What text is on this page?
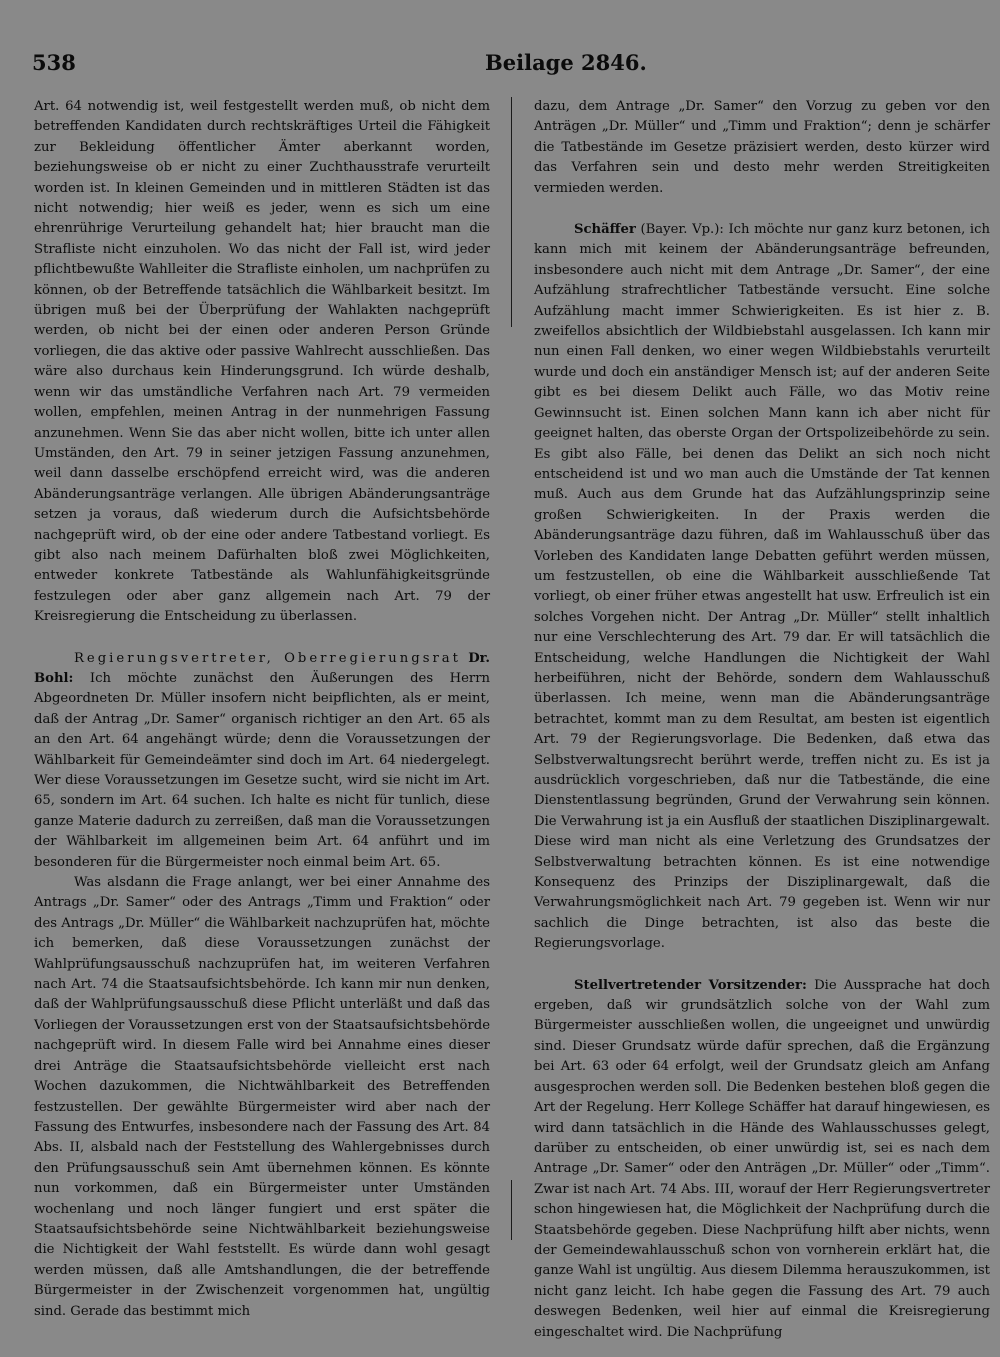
538	Beilage 2846.

Art. 64 notwendig ist, weil festgestellt werden muß, ob nicht dem betreffenden Kandidaten durch rechtskräftiges Urteil die Fähigkeit zur Bekleidung öffentlicher Ämter aberkannt worden, beziehungsweise ob er nicht zu einer Zuchthausstrafe verurteilt worden ist. In kleinen Gemeinden und in mittleren Städten ist das nicht notwendig; hier weiß es jeder, wenn es sich um eine ehrenrührige Verurteilung gehandelt hat; hier braucht man die Strafliste nicht einzuholen. Wo das nicht der Fall ist, wird jeder pflichtbewußte Wahlleiter die Strafliste einholen, um nachprüfen zu können, ob der Betreffende tatsächlich die Wählbarkeit besitzt. Im übrigen muß bei der Überprüfung der Wahlakten nachgeprüft werden, ob nicht bei der einen oder anderen Person Gründe vorliegen, die das aktive oder passive Wahlrecht ausschließen. Das wäre also durchaus kein Hinderungsgrund. Ich würde deshalb, wenn wir das umständliche Verfahren nach Art. 79 vermeiden wollen, empfehlen, meinen Antrag in der nunmehrigen Fassung anzunehmen. Wenn Sie das aber nicht wollen, bitte ich unter allen Umständen, den Art. 79 in seiner jetzigen Fassung anzunehmen, weil dann dasselbe erschöpfend erreicht wird, was die anderen Abänderungsanträge verlangen. Alle übrigen Abänderungsanträge setzen ja voraus, daß wiederum durch die Aufsichtsbehörde nachgeprüft wird, ob der eine oder andere Tatbestand vorliegt. Es gibt also nach meinem Dafürhalten bloß zwei Möglichkeiten, entweder konkrete Tatbestände als Wahlunfähigkeitsgründe festzulegen oder aber ganz allgemein nach Art. 79 der Kreisregierung die Entscheidung zu überlassen.

Regierungsvertreter, Oberregierungsrat Dr. Bohl: Ich möchte zunächst den Äußerungen des Herrn Abgeordneten Dr. Müller insofern nicht beipflichten, als er meint, daß der Antrag „Dr. Samer“ organisch richtiger an den Art. 65 als an den Art. 64 angehängt würde; denn die Voraussetzungen der Wählbarkeit für Gemeindeämter sind doch im Art. 64 niedergelegt. Wer diese Voraussetzungen im Gesetze sucht, wird sie nicht im Art. 65, sondern im Art. 64 suchen. Ich halte es nicht für tunlich, diese ganze Materie dadurch zu zerreißen, daß man die Voraussetzungen der Wählbarkeit im allgemeinen beim Art. 64 anführt und im besonderen für die Bürgermeister noch einmal beim Art. 65.

Was alsdann die Frage anlangt, wer bei einer Annahme des Antrags „Dr. Samer“ oder des Antrags „Timm und Fraktion“ oder des Antrags „Dr. Müller“ die Wählbarkeit nachzuprüfen hat, möchte ich bemerken, daß diese Voraussetzungen zunächst der Wahlprüfungsausschuß nachzuprüfen hat, im weiteren Verfahren nach Art. 74 die Staatsaufsichtsbehörde. Ich kann mir nun denken, daß der Wahlprüfungsausschuß diese Pflicht unterläßt und daß das Vorliegen der Voraussetzungen erst von der Staatsaufsichtsbehörde nachgeprüft wird. In diesem Falle wird bei Annahme eines dieser drei Anträge die Staatsaufsichtsbehörde vielleicht erst nach Wochen dazukommen, die Nichtwählbarkeit des Betreffenden festzustellen. Der gewählte Bürgermeister wird aber nach der Fassung des Entwurfes, insbesondere nach der Fassung des Art. 84 Abs. II, alsbald nach der Feststellung des Wahlergebnisses durch den Prüfungsausschuß sein Amt übernehmen können. Es könnte nun vorkommen, daß ein Bürgermeister unter Umständen wochenlang und noch länger fungiert und erst später die Staatsaufsichtsbehörde seine Nichtwählbarkeit beziehungsweise die Nichtigkeit der Wahl feststellt. Es würde dann wohl gesagt werden müssen, daß alle Amtshandlungen, die der betreffende Bürgermeister in der Zwischenzeit vorgenommen hat, ungültig sind. Gerade das bestimmt mich

dazu, dem Antrage „Dr. Samer“ den Vorzug zu geben vor den Anträgen „Dr. Müller“ und „Timm und Fraktion“; denn je schärfer die Tatbestände im Gesetze präzisiert werden, desto kürzer wird das Verfahren sein und desto mehr werden Streitigkeiten vermieden werden.

Schäffer (Bayer. Vp.): Ich möchte nur ganz kurz betonen, ich kann mich mit keinem der Abänderungsanträge befreunden, insbesondere auch nicht mit dem Antrage „Dr. Samer“, der eine Aufzählung strafrechtlicher Tatbestände versucht. Eine solche Aufzählung macht immer Schwierigkeiten. Es ist hier z. B. zweifellos absichtlich der Wildbiebstahl ausgelassen. Ich kann mir nun einen Fall denken, wo einer wegen Wildbiebstahls verurteilt wurde und doch ein anständiger Mensch ist; auf der anderen Seite gibt es bei diesem Delikt auch Fälle, wo das Motiv reine Gewinnsucht ist. Einen solchen Mann kann ich aber nicht für geeignet halten, das oberste Organ der Ortspolizeibehörde zu sein. Es gibt also Fälle, bei denen das Delikt an sich noch nicht entscheidend ist und wo man auch die Umstände der Tat kennen muß. Auch aus dem Grunde hat das Aufzählungsprinzip seine großen Schwierigkeiten. In der Praxis werden die Abänderungsanträge dazu führen, daß im Wahlausschuß über das Vorleben des Kandidaten lange Debatten geführt werden müssen, um festzustellen, ob eine die Wählbarkeit ausschließende Tat vorliegt, ob einer früher etwas angestellt hat usw. Erfreulich ist ein solches Vorgehen nicht. Der Antrag „Dr. Müller“ stellt inhaltlich nur eine Verschlechterung des Art. 79 dar. Er will tatsächlich die Entscheidung, welche Handlungen die Nichtigkeit der Wahl herbeiführen, nicht der Behörde, sondern dem Wahlausschuß überlassen. Ich meine, wenn man die Abänderungsanträge betrachtet, kommt man zu dem Resultat, am besten ist eigentlich Art. 79 der Regierungsvorlage. Die Bedenken, daß etwa das Selbstverwaltungsrecht berührt werde, treffen nicht zu. Es ist ja ausdrücklich vorgeschrieben, daß nur die Tatbestände, die eine Dienstentlassung begründen, Grund der Verwahrung sein können. Die Verwahrung ist ja ein Ausfluß der staatlichen Disziplinargewalt. Diese wird man nicht als eine Verletzung des Grundsatzes der Selbstverwaltung betrachten können. Es ist eine notwendige Konsequenz des Prinzips der Disziplinargewalt, daß die Verwahrungsmöglichkeit nach Art. 79 gegeben ist. Wenn wir nur sachlich die Dinge betrachten, ist also das beste die Regierungsvorlage.

Stellvertretender Vorsitzender: Die Aussprache hat doch ergeben, daß wir grundsätzlich solche von der Wahl zum Bürgermeister ausschließen wollen, die ungeeignet und unwürdig sind. Dieser Grundsatz würde dafür sprechen, daß die Ergänzung bei Art. 63 oder 64 erfolgt, weil der Grundsatz gleich am Anfang ausgesprochen werden soll. Die Bedenken bestehen bloß gegen die Art der Regelung. Herr Kollege Schäffer hat darauf hingewiesen, es wird dann tatsächlich in die Hände des Wahlausschusses gelegt, darüber zu entscheiden, ob einer unwürdig ist, sei es nach dem Antrage „Dr. Samer“ oder den Anträgen „Dr. Müller“ oder „Timm“. Zwar ist nach Art. 74 Abs. III, worauf der Herr Regierungsvertreter schon hingewiesen hat, die Möglichkeit der Nachprüfung durch die Staatsbehörde gegeben. Diese Nachprüfung hilft aber nichts, wenn der Gemeindewahlausschuß schon von vornherein erklärt hat, die ganze Wahl ist ungültig. Aus diesem Dilemma herauszukommen, ist nicht ganz leicht. Ich habe gegen die Fassung des Art. 79 auch deswegen Bedenken, weil hier auf einmal die Kreisregierung eingeschaltet wird. Die Nachprüfung
